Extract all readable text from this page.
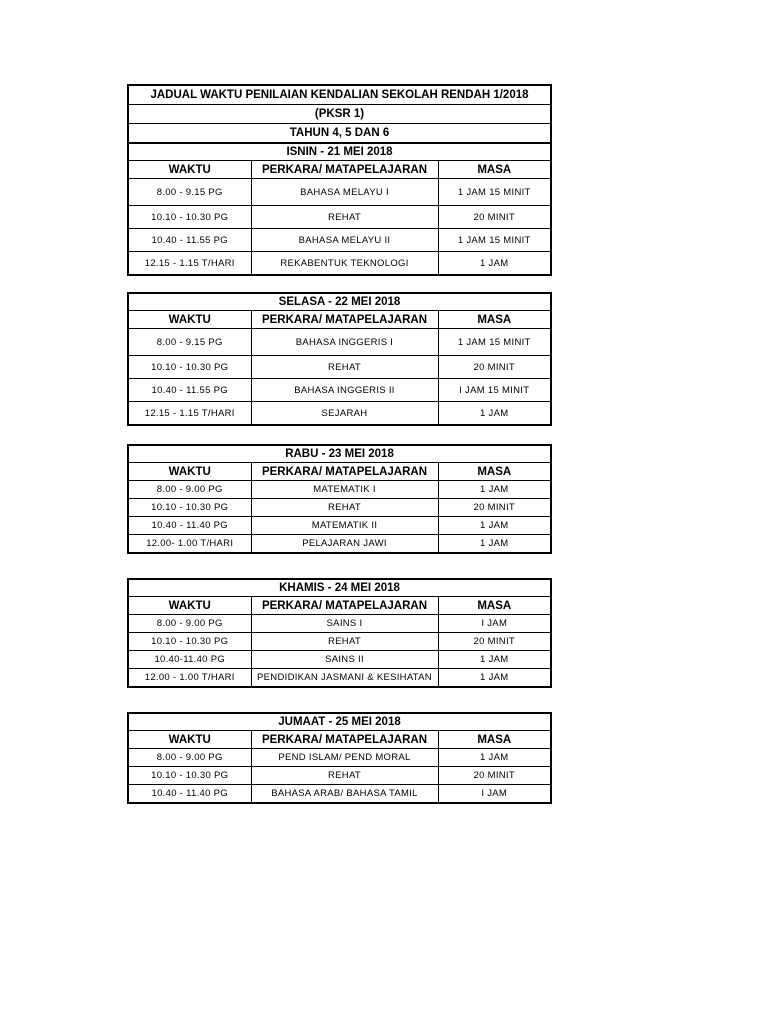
JADUAL WAKTU PENILAIAN KENDALIAN SEKOLAH RENDAH 1/2018		
(PKSR 1)		
TAHUN 4, 5 DAN 6		
ISNIN - 21 MEI 2018		
WAKTU	PERKARA/ MATAPELAJARAN	MASA
8.00 - 9.15 PG	BAHASA MELAYU I	1 JAM 15 MINIT
10.10 - 10.30 PG	REHAT	20 MINIT
10.40 - 11.55 PG	BAHASA MELAYU II	1 JAM 15 MINIT
12.15 - 1.15 T/HARI	REKABENTUK TEKNOLOGI	1 JAM
SELASA - 22 MEI 2018		
WAKTU	PERKARA/ MATAPELAJARAN	MASA
8.00 - 9.15 PG	BAHASA INGGERIS I	1 JAM 15 MINIT
10.10 - 10.30 PG	REHAT	20 MINIT
10.40 - 11.55 PG	BAHASA INGGERIS II	I JAM 15 MINIT
12.15 - 1.15 T/HARI	SEJARAH	1 JAM
RABU - 23 MEI 2018		
WAKTU	PERKARA/ MATAPELAJARAN	MASA
8.00 - 9.00 PG	MATEMATIK I	1 JAM
10.10 - 10.30 PG	REHAT	20 MINIT
10.40 - 11.40 PG	MATEMATIK II	1 JAM
12.00- 1.00 T/HARI	PELAJARAN JAWI	1 JAM
KHAMIS - 24 MEI 2018		
WAKTU	PERKARA/ MATAPELAJARAN	MASA
8.00 - 9.00 PG	SAINS I	I JAM
10.10 - 10.30 PG	REHAT	20 MINIT
10.40-11.40 PG	SAINS II	1 JAM
12.00 - 1.00 T/HARI	PENDIDIKAN JASMANI & KESIHATAN	1 JAM
JUMAAT - 25 MEI 2018		
WAKTU	PERKARA/ MATAPELAJARAN	MASA
8.00 - 9.00 PG	PEND ISLAM/ PEND MORAL	1 JAM
10.10 - 10.30 PG	REHAT	20 MINIT
10.40 - 11.40 PG	BAHASA ARAB/ BAHASA TAMIL	I JAM
